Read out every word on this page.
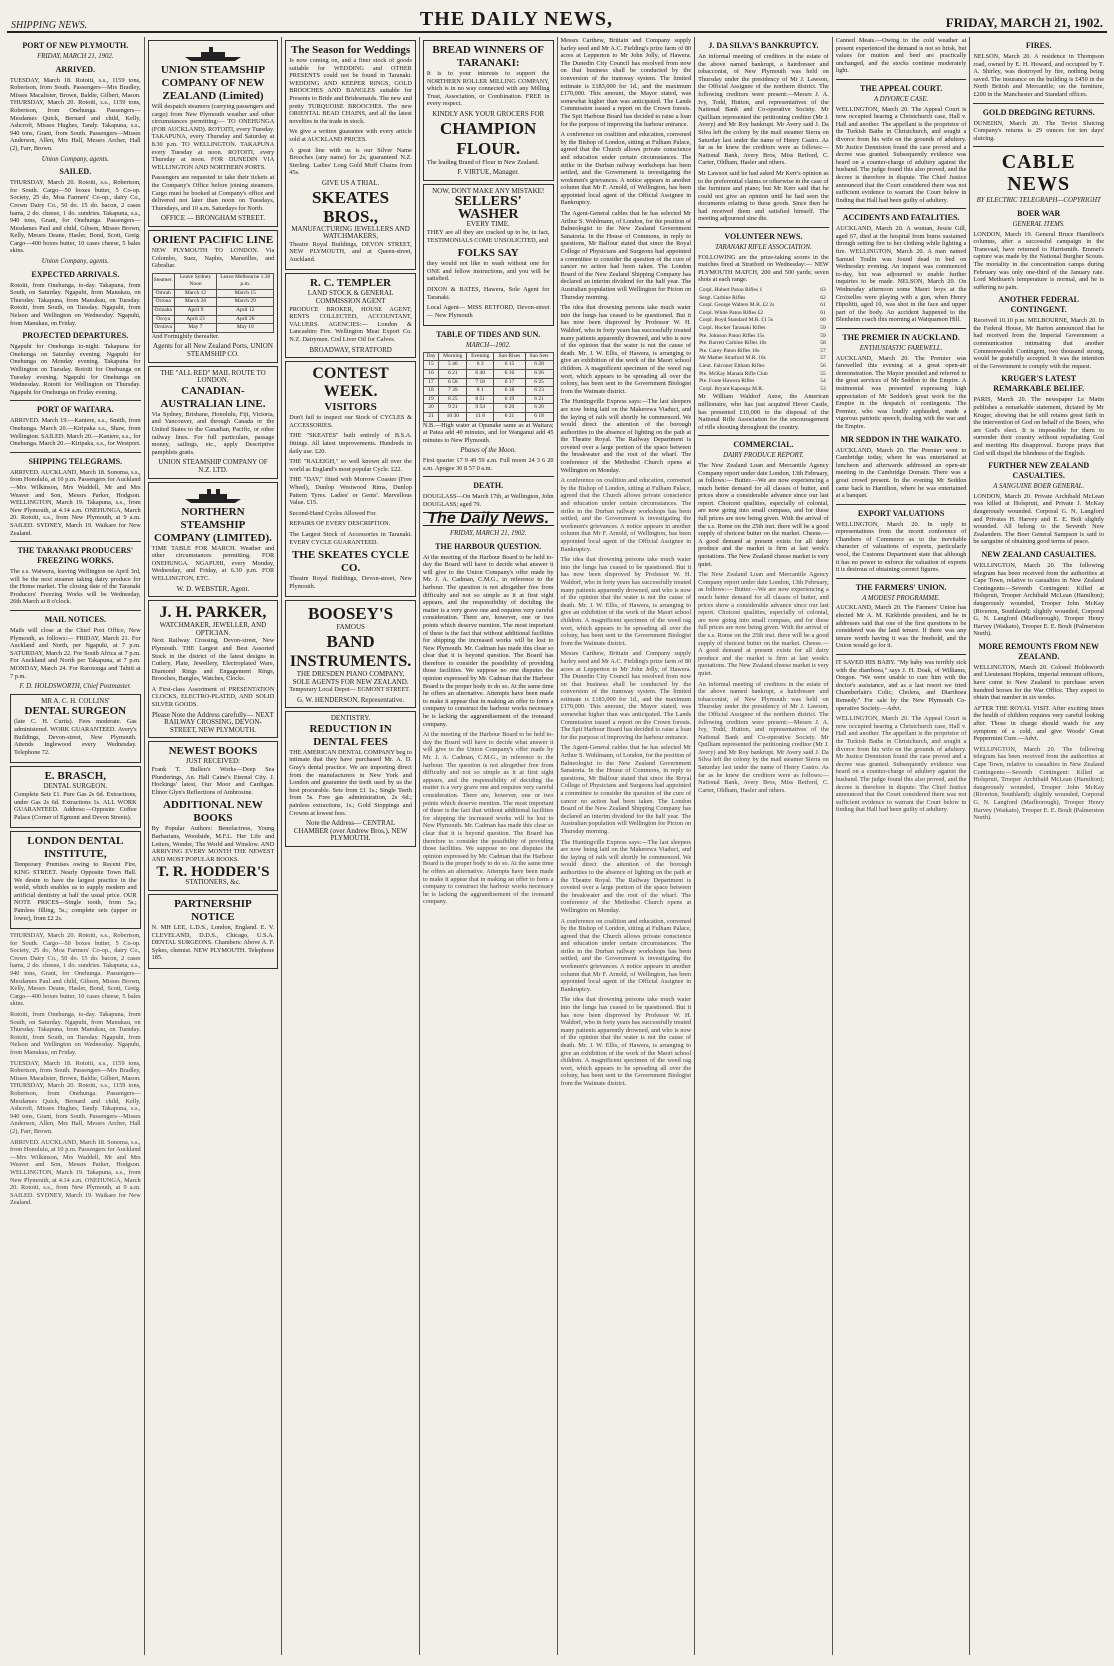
SHIPPING NEWS.	THE DAILY NEWS,	FRIDAY, MARCH 21, 1902.
PORT OF NEW PLYMOUTH.
FRIDAY, MARCH 21, 1902.
ARRIVED.

TUESDAY, March 18. Rotoiti, s.s., 1159 tons, Robertson, from South. Passengers—Mrs Bradley, Misses Macalister, Brown, Baldie, Gilbert, Mason. THURSDAY, March 20. Rotoiti, s.s., 1159 tons, Robertson, from Onehunga. Passengers—Mesdames Quick, Bernard and child, Kelly, Ashcroft, Misses Hughes, Tandy. Takapuna, s.s., 940 tons, Grant, from South. Passengers—Misses Anderson, Allen, Mrs Hall, Messrs Archer, Hall (2), Farr, Brown.

Union Company, agents.
SAILED.

THURSDAY, March 20. Rotoiti, s.s., Robertson, for South. Cargo—50 boxes butter, 5 Co-op. Society, 25 do, Moa Farmers' Co-op., dairy Co., Crown Dairy Co., 50 do. 15 do. bacon, 2 cases hams, 2 do. cheese, 1 do. sundries. Takapuna, s.s., 940 tons, Grant, for Onehunga. Passengers—Mesdames Paul and child, Gibson, Misses Brown, Kelly, Messrs Deane, Hasler, Bond, Scott, Greig. Cargo—400 boxes butter, 10 cases cheese, 5 bales skins.

Union Company, agents.
EXPECTED ARRIVALS.

Rotoiti, from Onehunga, to-day. Takapuna, from South, on Saturday. Ngapuhi, from Manukau, on Thursday. Takapuna, from Manukau, on Tuesday. Rotoiti, from South, on Tuesday. Ngapuhi, from Nelson and Wellington on Wednesday. Ngapuhi, from Manukau, on Friday.

PROJECTED DEPARTURES.

Ngapuhi for Onehunga to-night. Takapuna for Onehunga on Saturday evening. Ngapuhi for Onehunga on Monday evening. Takapuna for Wellington on Tuesday. Rotoiti for Onehunga on Tuesday evening. Ngapuhi for Onehunga on Wednesday. Rotoiti for Wellington on Thursday. Ngapuhi for Onehunga on Friday evening.

PORT OF WAITARA.

ARRIVED. March 19.—Kaniere, s.s., Smith, from Onehunga. March 20.—Kiripaka s.s., Shaw, from Wellington. SAILED. March 20.—Kaniere, s.s., for Onehunga. March 20.—Kiripaka, s.s., for Westport.

SHIPPING TELEGRAMS.

ARRIVED. AUCKLAND, March 18. Sonoma, s.s., from Honolulu, at 10 p.m. Passengers for Auckland—Mrs Wilkinson, Mrs Waddell, Mr and Mrs Weaver and Son, Messrs Parker, Hodgson. WELLINGTON, March 19. Takapuna, s.s., from New Plymouth, at 4.14 a.m. ONEHUNGA, March 20. Rotoiti, s.s., from New Plymouth, at 9 a.m. SAILED. SYDNEY, March 19. Waikare for New Zealand.

THE TARANAKI PRODUCERS' FREEZING WORKS.

The s.s. Waiwera, leaving Wellington on April 3rd, will be the next steamer taking dairy produce for the Home market. The closing date of the Taranaki Producers' Freezing Works will be Wednesday, 26th March at 8 o'clock.

MAIL NOTICES.

Mails will close at the Chief Post Office, New Plymouth, as follows:— FRIDAY, March 21. For Auckland and North, per Ngapuhi, at 7 p.m. SATURDAY, March 22. For South Africa at 7 p.m. For Auckland and North per Takapuna, at 7 p.m. MONDAY, March 24. For Rarotonga and Tahiti at 7 p.m.

F. D. HOLDSWORTH, Chief Postmaster.
MR A. C. H. COLLINS'
DENTAL SURGEON

(late C. H. Curtis). Fees moderate. Gas administered. WORK GUARANTEED. Avery's Buildings, Devon-street, New Plymouth. Attends Inglewood every Wednesday. Telephone 72.

E. BRASCH,
DENTAL SURGEON.

Complete Sets £1. Pure Gas 2s 6d. Extractions, under Gas 2s 6d. Extractions 1s. ALL WORK GUARANTEED. Address:—Opposite Coffee Palace (Corner of Egmont and Devon Streets).

LONDON DENTAL INSTITUTE,

Temporary Premises owing to Recent Fire, KING STREET. Nearly Opposite Town Hall. We desire to have the largest practice in the world, which enables us to supply modern and artificial dentistry at half the usual price. OUR NOTE PRICES—Single tooth, from 5s.; Painless filling, 5s.; complete sets (upper or lower), from £2 2s.

THURSDAY, March 20. Rotoiti, s.s., Robertson, for South. Cargo—50 boxes butter, 5 Co-op. Society, 25 do, Moa Farmers' Co-op., dairy Co., Crown Dairy Co., 50 do. 15 do. bacon, 2 cases hams, 2 do. cheese, 1 do. sundries. Takapuna, s.s., 940 tons, Grant, for Onehunga. Passengers—Mesdames Paul and child, Gibson, Misses Brown, Kelly, Messrs Deane, Hasler, Bond, Scott, Greig. Cargo—400 boxes butter, 10 cases cheese, 5 bales skins.

Rotoiti, from Onehunga, to-day. Takapuna, from South, on Saturday. Ngapuhi, from Manukau, on Thursday. Takapuna, from Manukau, on Tuesday. Rotoiti, from South, on Tuesday. Ngapuhi, from Nelson and Wellington on Wednesday. Ngapuhi, from Manukau, on Friday.

TUESDAY, March 18. Rotoiti, s.s., 1159 tons, Robertson, from South. Passengers—Mrs Bradley, Misses Macalister, Brown, Baldie, Gilbert, Mason. THURSDAY, March 20. Rotoiti, s.s., 1159 tons, Robertson, from Onehunga. Passengers—Mesdames Quick, Bernard and child, Kelly, Ashcroft, Misses Hughes, Tandy. Takapuna, s.s., 940 tons, Grant, from South. Passengers—Misses Anderson, Allen, Mrs Hall, Messrs Archer, Hall (2), Farr, Brown.

ARRIVED. AUCKLAND, March 18. Sonoma, s.s., from Honolulu, at 10 p.m. Passengers for Auckland—Mrs Wilkinson, Mrs Waddell, Mr and Mrs Weaver and Son, Messrs Parker, Hodgson. WELLINGTON, March 19. Takapuna, s.s., from New Plymouth, at 4.14 a.m. ONEHUNGA, March 20. Rotoiti, s.s., from New Plymouth, at 9 a.m. SAILED. SYDNEY, March 19. Waikare for New Zealand.

UNION STEAMSHIP COMPANY OF NEW ZEALAND (Limited)

Will despatch steamers (carrying passengers and cargo) from New Plymouth weather and other circumstances permitting:— TO ONEHUNGA (FOR AUCKLAND). ROTOITI, every Tuesday. TAKAPUNA, every Thursday and Saturday at 8.30 p.m. TO WELLINGTON. TAKAPUNA every Tuesday at noon. ROTOITI, every Thursday at noon. FOR DUNEDIN VIA WELLINGTON AND NORTHERN PORTS.

Passengers are requested to take their tickets at the Company's Office before joining steamers. Cargo must be booked at Company's office and delivered not later than noon on Tuesdays, Thursdays, and 10 a.m. Saturdays for North.

OFFICE — BRONGHAM STREET.
ORIENT PACIFIC LINE

NEW PLYMOUTH TO LONDON. Via Colombo, Suez, Naples, Marseilles, and Gibraltar.

Steamer.	Leave Sydney Noon	Leave Melbourne 1.30 p.m.
Omrah	March 12	March 15
Ortona	March 26	March 29
Orizaba	April 9	April 12
Oroya	April 23	April 26
Orotava	May 7	May 10

And Fortnightly thereafter.

Agents for all New Zealand Ports, UNION STEAMSHIP CO.
THE "ALL RED" MAIL ROUTE TO LONDON.
CANADIAN-AUSTRALIAN LINE.

Via Sydney, Brisbane, Honolulu, Fiji, Victoria, and Vancouver, and through Canada or the United States to the Canadian, Pacific, or other railway lines. For full particulars, passage money, sailings, etc., apply Descriptive pamphlets gratis.

UNION STEAMSHIP COMPANY OF N.Z. LTD.
NORTHERN STEAMSHIP COMPANY (LIMITED).

TIME TABLE FOR MARCH. Weather and other circumstances permitting. FOR ONEHUNGA. NGAPUHI, every Monday, Wednesday, and Friday, at 6.30 p.m. FOR WELLINGTON, ETC.

W. D. WEBSTER, Agent.
J. H. PARKER,
WATCHMAKER, JEWELLER, AND OPTICIAN.

Next Railway Crossing, Devon-street, New Plymouth. THE Largest and Best Assorted Stock in the district of the latest designs in Cutlery, Plate, Jewellery, Electroplated Ware, Diamond Rings and Engagement Rings, Brooches, Bangles, Watches, Clocks.

A First-class Assortment of PRESENTATION CLOCKS, ELECTRO-PLATED, AND SOLID SILVER GOODS.

Please Note the Address carefully— NEXT RAILWAY CROSSING, DEVON-STREET, NEW PLYMOUTH.
NEWEST BOOKS
JUST RECEIVED:

Frank T. Bullen's Works—Deep Sea Plunderings, An. Hall Caine's Eternal City. J. Hockings' latest, Our Moor and Cardigan. Elinor Glyn's Reflections of Ambrosine.

ADDITIONAL NEW BOOKS

By Popular Authors: Benefactress, Young Barbarians, Woodside, M.F.L. Her Life and Letters, Wonder, The World and Winslow. AND ARRIVING EVERY MONTH THE NEWEST AND MOST POPULAR BOOKS.

T. R. HODDER'S
STATIONERS, &c.
PARTNERSHIP NOTICE

N. MH LEE, L.D.S., London, England. E. V. CLEVELAND, D.D.S., Chicago, U.S.A. DENTAL SURGEONS. Chambers: Above A. F. Sykes, chemist. NEW PLYMOUTH. Telephone 185.

The Season for Weddings

Is now coming on, and a finer stock of goods suitable for WEDDING and OTHER PRESENTS could not be found in Taranaki. WEDDING AND KEEPER RINGS, GOLD BROOCHES AND BANGLES suitable for Presents to Bride and Bridesmaids. The new and pretty TURQUOISE BROOCHES. The new ORIENTAL BEAD CHAINS, and all the latest novelties in the trade in stock.

We give a written guarantee with every article sold at AUCKLAND PRICES.

A great line with us is our Silver Name Brooches (any name) for 2s; guaranteed N.Z. Sterling. Ladies' Long Gold Muff Chains from 45s.

GIVE US A TRIAL.
SKEATES BROS.,
MANUFACTURING JEWELLERS AND WATCHMAKERS,

Theatre Royal Buildings, DEVON STREET, NEW PLYMOUTH, and at Queen-street, Auckland.

R. C. TEMPLER
LAND STOCK & GENERAL COMMISSION AGENT

PRODUCE BROKER, HOUSE AGENT, RENTS COLLECTED, ACCOUNTANT, VALUERS. AGENCIES:— London & Lancashire Fire. Wellington Meat Export Co. N.Z. Dairymen. Cod Liver Oil for Calves.

BROADWAY, STRATFORD
CONTEST WEEK.
VISITORS

Don't fail to inspect our Stock of CYCLES & ACCESSORIES.

THE "SKEATES" built entirely of B.S.A. fittings. All latest improvements. Hundreds in daily use. £20.

THE "RALEIGH," so well known all over the world as England's most popular Cycle. £22.

THE "DAY," fitted with Morrow Coaster (Free Wheel), Dunlop Westwood Rims, Dunlop Pattern Tyres. Ladies' or Gents'. Marvellous Value. £15.

Second-Hand Cycles Allowed For.

REPAIRS OF EVERY DESCRIPTION.

The Largest Stock of Accessories in Taranaki. EVERY CYCLE GUARANTEED.

THE SKEATES CYCLE CO.

Theatre Royal Buildings, Devon-street, New Plymouth.

BOOSEY'S
FAMOUS
BAND
INSTRUMENTS.
THE DRESDEN PIANO COMPANY,
SOLE AGENTS FOR NEW ZEALAND.

Temporary Local Depot— EGMONT STREET.

G. W. HENDERSON, Representative.
DENTISTRY.
REDUCTION IN DENTAL FEES

THE AMERICAN DENTAL COMPANY beg to intimate that they have purchased Mr. A. D. Gray's dental practice. We are importing direct from the manufacturers in New York and London and guarantee the teeth used by us the best procurable. Sets from £1 1s.; Single Teeth from 5s. Free gas administration, 2s 6d.; painless extractions, 1s.; Gold Stoppings and Crowns at lowest fees.

Note the Address— CENTRAL CHAMBER (over Andrew Bros.), NEW PLYMOUTH.
BREAD WINNERS OF TARANAKI:

It is to your interests to support the NORTHERN ROLLER MILLING COMPANY, which is in no way connected with any Milling Trust, Association, or Combination. FREE in every respect.

KINDLY ASK YOUR GROCERS FOR
CHAMPION FLOUR.

The leading Brand of Flour in New Zealand.

F. VIRTUE, Manager.
NOW, DONT MAKE ANY MISTAKE!
SELLERS' WASHER
EVERY TIME.

THEY are all they are cracked up to be, in fact, TESTIMONIALS COME UNSOLICITED, and

FOLKS SAY

they would not like to wash without one for ONE and fellow instructions, and you will be satisfied.

DIXON & BATES, Hawera, Sole Agent for Taranaki.

Local Agent— MISS RETFORD, Devon-street — New Plymouth

TABLE OF TIDES AND SUN.
MARCH—1902.
Day	Morning	Evening	Sun Rises	Sun Sets
15	5 46	6 3	6 15	6 28
16	6 21	6 40	6 16	6 26
17	6 58	7 18	6 17	6 25
18	7 39	8 1	6 18	6 23
19	8 25	8 51	6 19	6 21
20	9 21	9 54	6 20	6 20
21	10 30	11 8	6 21	6 18

N.B.—High water at Opunake same as at Waitara; at Patea add 40 minutes, and for Wanganui add 45 minutes to New Plymouth.

Phases of the Moon.

First quarter 17 9 49 59 a.m. Full moon 24 3 6 20 a.m. Apogee 30 8 57 0 a.m.

DEATH.

DOUGLASS—On March 17th, at Wellington, John DOUGLASS; aged 79.

The Daily News.
FRIDAY, MARCH 21, 1902.
THE HARBOUR QUESTION.

At the meeting of the Harbour Board to be held to-day the Board will have to decide what answer it will give to the Union Company's offer made by Mr. J. A. Cadman, C.M.G., in reference to the harbour. The question is not altogether free from difficulty and not so simple as it at first sight appears, and the responsibility of deciding the matter is a very grave one and requires very careful consideration. There are, however, one or two points which deserve mention. The most important of these is the fact that without additional facilities for shipping the increased works will be lost to New Plymouth. Mr. Cadman has made this clear so clear that it is beyond question. The Board has therefore to consider the possibility of providing those facilities. We suppose no one disputes the opinion expressed by Mr. Cadman that the Harbour Board is the proper body to do so. At the same time he offers an alternative. Attempts have been made to make it appear that in making an offer to form a company to construct the harbour works necessary he is lacking the aggrandisement of the ironsand company.

At the meeting of the Harbour Board to be held to-day the Board will have to decide what answer it will give to the Union Company's offer made by Mr. J. A. Cadman, C.M.G., in reference to the harbour. The question is not altogether free from difficulty and not so simple as it at first sight appears, and the responsibility of deciding the matter is a very grave one and requires very careful consideration. There are, however, one or two points which deserve mention. The most important of these is the fact that without additional facilities for shipping the increased works will be lost to New Plymouth. Mr. Cadman has made this clear so clear that it is beyond question. The Board has therefore to consider the possibility of providing those facilities. We suppose no one disputes the opinion expressed by Mr. Cadman that the Harbour Board is the proper body to do so. At the same time he offers an alternative. Attempts have been made to make it appear that in making an offer to form a company to construct the harbour works necessary he is lacking the aggrandisement of the ironsand company.

Messrs Carthew, Brittain and Company supply barley seed and Mr A.C. Fielding's prize farm of 80 acres at Lepperton to Mr John Jolly, of Hawera. The Dunedin City Council has resolved from now on that business shall be conducted by the conversion of the tramway system. The limited estimate is £183,000 for 1d., and the maximum £170,000. This amount, the Mayor stated, was somewhat higher than was anticipated. The Lands Commission issued a report on the Crown forests. The Spit Harbour Board has decided to raise a loan for the purpose of improving the harbour entrance.

A conference on coalition and education, convened by the Bishop of London, sitting at Fulham Palace, agreed that the Church allows private conscience and education under certain circumstances. The strike in the Durban railway workshops has been settled, and the Government is investigating the workmen's grievances. A notice appears in another column that Mr F. Arnold, of Wellington, has been appointed local agent of the Official Assignee in Bankruptcy.

The Agent-General cables that he has selected Mr Arthur S. Wohlmann, of London, for the position of Balneologist to the New Zealand Government Sanatoria. In the House of Commons, in reply to questions, Mr Balfour stated that since the Royal College of Physicians and Surgeons had appointed a committee to consider the question of the cure of cancer no action had been taken. The London Board of the New Zealand Shipping Company has declared an interim dividend for the half year. The Australian population will Wellington for Picton on Thursday morning.

The idea that drowning persons take much water into the lungs has ceased to be questioned. But it has now been disproved by Professor W. H. Waldorf, who in forty years has successfully treated many patients apparently drowned, and who is now of the opinion that the water is not the cause of death. Mr. J. W. Ellis, of Hawera, is arranging to give an exhibition of the work of the Maori school children. A magnificent specimen of the weed rag wort, which appears to be spreading all over the colony, has been sent to the Government Biologist from the Waimate district.

The Huntingville Express says:—The last sleepers are now being laid on the Makerewa Viaduct, and the laying of rails will shortly be commenced. We would direct the attention of the borough authorities to the absence of lighting on the path at the Theatre Royal. The Railway Department is coveted over a large portion of the space between the breakwater and the root of the wharf. The conference of the Methodist Church opens at Wellington on Monday.

A conference on coalition and education, convened by the Bishop of London, sitting at Fulham Palace, agreed that the Church allows private conscience and education under certain circumstances. The strike in the Durban railway workshops has been settled, and the Government is investigating the workmen's grievances. A notice appears in another column that Mr F. Arnold, of Wellington, has been appointed local agent of the Official Assignee in Bankruptcy.

The idea that drowning persons take much water into the lungs has ceased to be questioned. But it has now been disproved by Professor W. H. Waldorf, who in forty years has successfully treated many patients apparently drowned, and who is now of the opinion that the water is not the cause of death. Mr. J. W. Ellis, of Hawera, is arranging to give an exhibition of the work of the Maori school children. A magnificent specimen of the weed rag wort, which appears to be spreading all over the colony, has been sent to the Government Biologist from the Waimate district.

Messrs Carthew, Brittain and Company supply barley seed and Mr A.C. Fielding's prize farm of 80 acres at Lepperton to Mr John Jolly, of Hawera. The Dunedin City Council has resolved from now on that business shall be conducted by the conversion of the tramway system. The limited estimate is £183,000 for 1d., and the maximum £170,000. This amount, the Mayor stated, was somewhat higher than was anticipated. The Lands Commission issued a report on the Crown forests. The Spit Harbour Board has decided to raise a loan for the purpose of improving the harbour entrance.

The Agent-General cables that he has selected Mr Arthur S. Wohlmann, of London, for the position of Balneologist to the New Zealand Government Sanatoria. In the House of Commons, in reply to questions, Mr Balfour stated that since the Royal College of Physicians and Surgeons had appointed a committee to consider the question of the cure of cancer no action had been taken. The London Board of the New Zealand Shipping Company has declared an interim dividend for the half year. The Australian population will Wellington for Picton on Thursday morning.

The Huntingville Express says:—The last sleepers are now being laid on the Makerewa Viaduct, and the laying of rails will shortly be commenced. We would direct the attention of the borough authorities to the absence of lighting on the path at the Theatre Royal. The Railway Department is coveted over a large portion of the space between the breakwater and the root of the wharf. The conference of the Methodist Church opens at Wellington on Monday.

A conference on coalition and education, convened by the Bishop of London, sitting at Fulham Palace, agreed that the Church allows private conscience and education under certain circumstances. The strike in the Durban railway workshops has been settled, and the Government is investigating the workmen's grievances. A notice appears in another column that Mr F. Arnold, of Wellington, has been appointed local agent of the Official Assignee in Bankruptcy.

The idea that drowning persons take much water into the lungs has ceased to be questioned. But it has now been disproved by Professor W. H. Waldorf, who in forty years has successfully treated many patients apparently drowned, and who is now of the opinion that the water is not the cause of death. Mr. J. W. Ellis, of Hawera, is arranging to give an exhibition of the work of the Maori school children. A magnificent specimen of the weed rag wort, which appears to be spreading all over the colony, has been sent to the Government Biologist from the Waimate district.

J. DA SILVA'S BANKRUPTCY.

An informal meeting of creditors in the estate of the above named bankrupt, a hairdresser and tobacconist, of New Plymouth was held on Thursday under the presidency of Mr J. Lawson, the Official Assignee of the northern district. The following creditors were present:—Messrs J. A. Ivy, Todd, Hutton, and representatives of the National Bank and Co-operative Society. Mr Quilliam represented the petitioning creditor (Mr J. Avery) and Mr Roy bankrupt. Mr Avery said J. Da Silva left the colony by the mail steamer Sierra on Saturday last under the name of Henry Castro. As far as he knew the creditors were as follows:—National Bank, Avery Bros, Miss Retford, C. Carter, Oldham, Hasler and others.

Mr Lawson said he had asked Mr Kerr's opinion as to the preferential claims or otherwise in the case of the furniture and piano; but Mr Kerr said that he could not give an opinion until he had seen the documents relating to these goods. Since then he had received them and satisfied himself. The meeting adjourned sine die.

VOLUNTEER NEWS.
TARANAKI RIFLE ASSOCIATION.

FOLLOWING are the prize-taking scores in the matches fired at Stratford on Wednesday:— NEW PLYMOUTH MATCH, 200 and 500 yards; seven shots at each range.

Corpl. Hubert Paton Rifles 1	63
Sergt. Carbine Rifles	62
Corpl. George Walters M.R. £2 2s	61
Corpl. White Paton Rifles £2	61
Corpl. Boyd Standard M.R. £1 5s	60
Corpl. Hocker Taranaki Rifles	59
Pte. Johnson Paton Rifles 15s	59
Pte. Barrett Carbine Rifles 10s	58
Pte. Carey Paton Rifles 10s	57
Mr Mather Stratford M.R. 10s	57
Lieut. Falconer Eltham Rifles	56
Pte. McKay Manaia Rifle Club	55
Pte. Foote Hawera Rifles	54
Corpl. Bryant Kaponga M.R.	53

Mr William Waldorf Astor, the American millionaire, who has just acquired Hever Castle, has presented £10,000 to the disposal of the National Rifle Association for the encouragement of rifle shooting throughout the country.

COMMERCIAL.
DAIRY PRODUCE REPORT.

The New Zealand Loan and Mercantile Agency Company report under date London, 13th February, as follows:— Butter.—We are now experiencing a much better demand for all classes of butter, and prices show a considerable advance since our last report. Choicest qualities, especially of colonial, are now going into small compass, and for these full prices are now being given. With the arrival of the s.s. Rome on the 25th inst. there will be a good supply of choicest butter on the market. Cheese.—A good demand at present exists for all dairy produce and the market is firm at last week's quotations. The New Zealand cheese market is very quiet.

The New Zealand Loan and Mercantile Agency Company report under date London, 13th February, as follows:— Butter.—We are now experiencing a much better demand for all classes of butter, and prices show a considerable advance since our last report. Choicest qualities, especially of colonial, are now going into small compass, and for these full prices are now being given. With the arrival of the s.s. Rome on the 25th inst. there will be a good supply of choicest butter on the market. Cheese.—A good demand at present exists for all dairy produce and the market is firm at last week's quotations. The New Zealand cheese market is very quiet.

An informal meeting of creditors in the estate of the above named bankrupt, a hairdresser and tobacconist, of New Plymouth was held on Thursday under the presidency of Mr J. Lawson, the Official Assignee of the northern district. The following creditors were present:—Messrs J. A. Ivy, Todd, Hutton, and representatives of the National Bank and Co-operative Society. Mr Quilliam represented the petitioning creditor (Mr J. Avery) and Mr Roy bankrupt. Mr Avery said J. Da Silva left the colony by the mail steamer Sierra on Saturday last under the name of Henry Castro. As far as he knew the creditors were as follows:—National Bank, Avery Bros, Miss Retford, C. Carter, Oldham, Hasler and others.

Canned Meats.—Owing to the cold weather at present experienced the demand is not so brisk, but values for mutton and beef are practically unchanged, and the stocks continue moderately light.

THE APPEAL COURT.
A DIVORCE CASE.

WELLINGTON, March 20. The Appeal Court is now occupied hearing a Christchurch case, Hall v. Hall and another. The appellant is the proprietor of the Turkish Baths in Christchurch, and sought a divorce from his wife on the grounds of adultery. Mr Justice Denniston found the case proved and a decree was granted. Subsequently evidence was heard on a counter-charge of adultery against the husband. The judge found this also proved, and the decree is therefore in dispute. The Chief Justice announced that the Court considered there was not sufficient evidence to warrant the Court below in finding that Hall had been guilty of adultery.

ACCIDENTS AND FATALITIES.

AUCKLAND, March 20. A woman, Jessie Gill, aged 67, died at the hospital from burns sustained through setting fire to her clothing while lighting a fire. WELLINGTON, March 20. A man named Samuel Toulin was found dead in bed on Wednesday evening. An inquest was commenced to-day, but was adjourned to enable further inquiries to be made. NELSON, March 20. On Wednesday afternoon some Maori boys at the Croixelles were playing with a gun, when Henry Hipolitti, aged 10, was shot in the face and upper part of the body. An accident happened to the Blenheim coach this morning at Waiquamon Hill.

THE PREMIER IN AUCKLAND.
ENTHUSIASTIC FAREWELL.

AUCKLAND, March 20. The Premier was farewelled this evening at a great open-air demonstration. The Mayor presided and referred to the great services of Mr Seddon to the Empire. A testimonial was presented expressing high appreciation of Mr Seddon's great work for the Empire in the despatch of contingents. The Premier, who was loudly applauded, made a vigorous patriotic speech, dealing with the war and the Empire.

MR SEDDON IN THE WAIKATO.

AUCKLAND, March 20. The Premier went to Cambridge today, where he was entertained at luncheon and afterwards addressed an open-air meeting in the Cambridge Domain. There was a great crowd present. In the evening Mr Seddon came back to Hamilton, where he was entertained at a banquet.

EXPORT VALUATIONS

WELLINGTON, March 20. In reply to representations from the recent conference of Chambers of Commerce as to the inevitable character of valuations of exports, particularly wool, the Customs Department state that although it has no power to enforce the valuation of exports it is desirous of obtaining correct figures.

THE FARMERS' UNION.
A MODEST PROGRAMME.

AUCKLAND, March 20. The Farmers' Union has elected Mr A. M. Kirkbride president, and he in addresses said that one of the first questions to be considered was the land tenure. If there was any tenure worth having it was the freehold, and the Union would go for it.

IT SAVED HIS BABY. "My baby was terribly sick with the diarrhoea," says J. H. Doak, of Williams, Oregon. "We were unable to cure him with the doctor's assistance, and as a last resort we tried Chamberlain's Colic, Cholera, and Diarrhoea Remedy." For sale by the New Plymouth Co-operative Society.—Advt.

WELLINGTON, March 20. The Appeal Court is now occupied hearing a Christchurch case, Hall v. Hall and another. The appellant is the proprietor of the Turkish Baths in Christchurch, and sought a divorce from his wife on the grounds of adultery. Mr Justice Denniston found the case proved and a decree was granted. Subsequently evidence was heard on a counter-charge of adultery against the husband. The judge found this also proved, and the decree is therefore in dispute. The Chief Justice announced that the Court considered there was not sufficient evidence to warrant the Court below in finding that Hall had been guilty of adultery.

FIRES.

NELSON, March 20. A residence in Thompson road, owned by E. H. Howard, and occupied by T. A. Shirley, was destroyed by fire, nothing being saved. The insurance on the building is £450 in the North British and Mercantile; on the furniture, £200 in the Manchester and Standard offices.

GOLD DREDGING RETURNS.

DUNEDIN, March 20. The Teviot Sluicing Company's returns is 29 ounces for ten days' sluicing.

CABLE NEWS
BY ELECTRIC TELEGRAPH—COPYRIGHT
BOER WAR
GENERAL ITEMS.

LONDON, March 19. General Bruce Hamilton's columns, after a successful campaign in the Transvaal, have returned to Harrismith. Emmet's capture was made by the National Burgher Scouts. The mortality in the concentration camps during February was only one-third of the January rate. Lord Methuen's temperature is normal, and he is suffering no pain.

ANOTHER FEDERAL CONTINGENT.

Received 10.10 p.m. MELBOURNE, March 20. In the Federal House, Mr Barton announced that he had received from the Imperial Government a communication intimating that another Commonwealth Contingent, two thousand strong, would be gratefully accepted. It was the intention of the Government to comply with the request.

KRUGER'S LATEST REMARKABLE BELIEF.

PARIS, March 20. The newspaper Le Matin publishes a remarkable statement, dictated by Mr Kruger, showing that he still retains great faith in the intervention of God on behalf of the Boers, who are God's elect. It is impossible for them to surrender their country without repudiating God and meriting His disapproval. Europe prays that God will dispel the blindness of the English.

FURTHER NEW ZEALAND CASUALTIES.
A SANGUINE BOER GENERAL.

LONDON, March 20. Private Archibald McLean was killed at Holspruit, and Private J. McKay dangerously wounded. Corporal G. N. Langford and Privates H. Harvey and E. E. Bolt slightly wounded. All belong to the Seventh New Zealanders. The Boer General Sampson is said to be sanguine of obtaining good terms of peace.

NEW ZEALAND CASUALTIES.

WELLINGTON, March 20. The following telegram has been received from the authorities at Cape Town, relative to casualties in New Zealand Contingents:—Seventh Contingent: Killed at Holspruit, Trooper Archibald McLean (Hamilton); dangerously wounded, Trooper John McKay (Riverton, Southland); slightly wounded, Corporal G. N. Langford (Marlborough), Trooper Henry Harvey (Waikato), Trooper E. E. Boult (Palmerston North).

MORE REMOUNTS FROM NEW ZEALAND.

WELLINGTON, March 20. Colonel Holdsworth and Lieutenant Hopkins, imperial remount officers, have come to New Zealand to purchase seven hundred horses for the War Office. They expect to obtain that number in six weeks.

AFTER THE ROYAL VISIT. After exciting times the health of children requires very careful looking after. Those in charge should watch for any symptom of a cold, and give Woods' Great Peppermint Cure.—Advt.

WELLINGTON, March 20. The following telegram has been received from the authorities at Cape Town, relative to casualties in New Zealand Contingents:—Seventh Contingent: Killed at Holspruit, Trooper Archibald McLean (Hamilton); dangerously wounded, Trooper John McKay (Riverton, Southland); slightly wounded, Corporal G. N. Langford (Marlborough), Trooper Henry Harvey (Waikato), Trooper E. E. Boult (Palmerston North).
